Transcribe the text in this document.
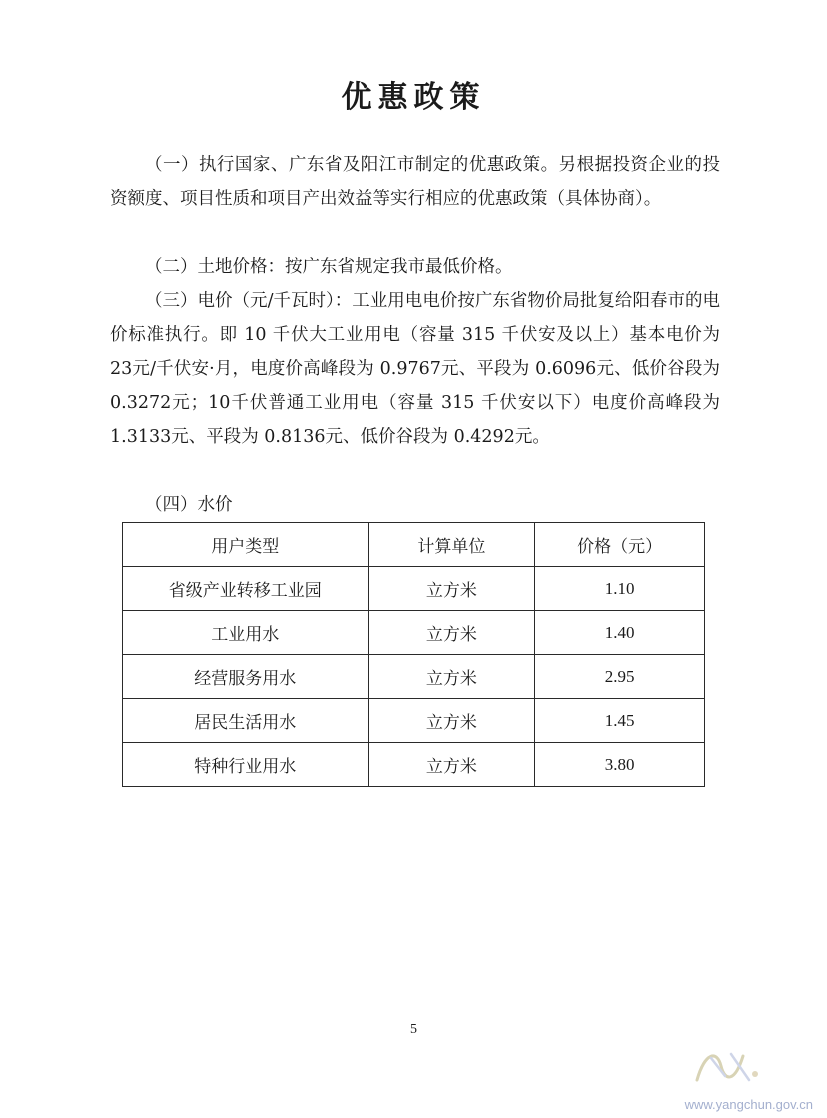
优惠政策

（一）执行国家、广东省及阳江市制定的优惠政策。另根据投资企业的投资额度、项目性质和项目产出效益等实行相应的优惠政策（具体协商）。

（二）土地价格：按广东省规定我市最低价格。

（三）电价（元/千瓦时）：工业用电电价按广东省物价局批复给阳春市的电价标准执行。即 10 千伏大工业用电（容量 315 千伏安及以上）基本电价为 23元/千伏安·月，电度价高峰段为 0.9767元、平段为 0.6096元、低价谷段为 0.3272元；10千伏普通工业用电（容量 315 千伏安以下）电度价高峰段为 1.3133元、平段为 0.8136元、低价谷段为 0.4292元。

（四）水价

用户类型	计算单位	价格（元）
省级产业转移工业园	立方米	1.10
工业用水	立方米	1.40
经营服务用水	立方米	2.95
居民生活用水	立方米	1.45
特种行业用水	立方米	3.80
5
www.yangchun.gov.cn
